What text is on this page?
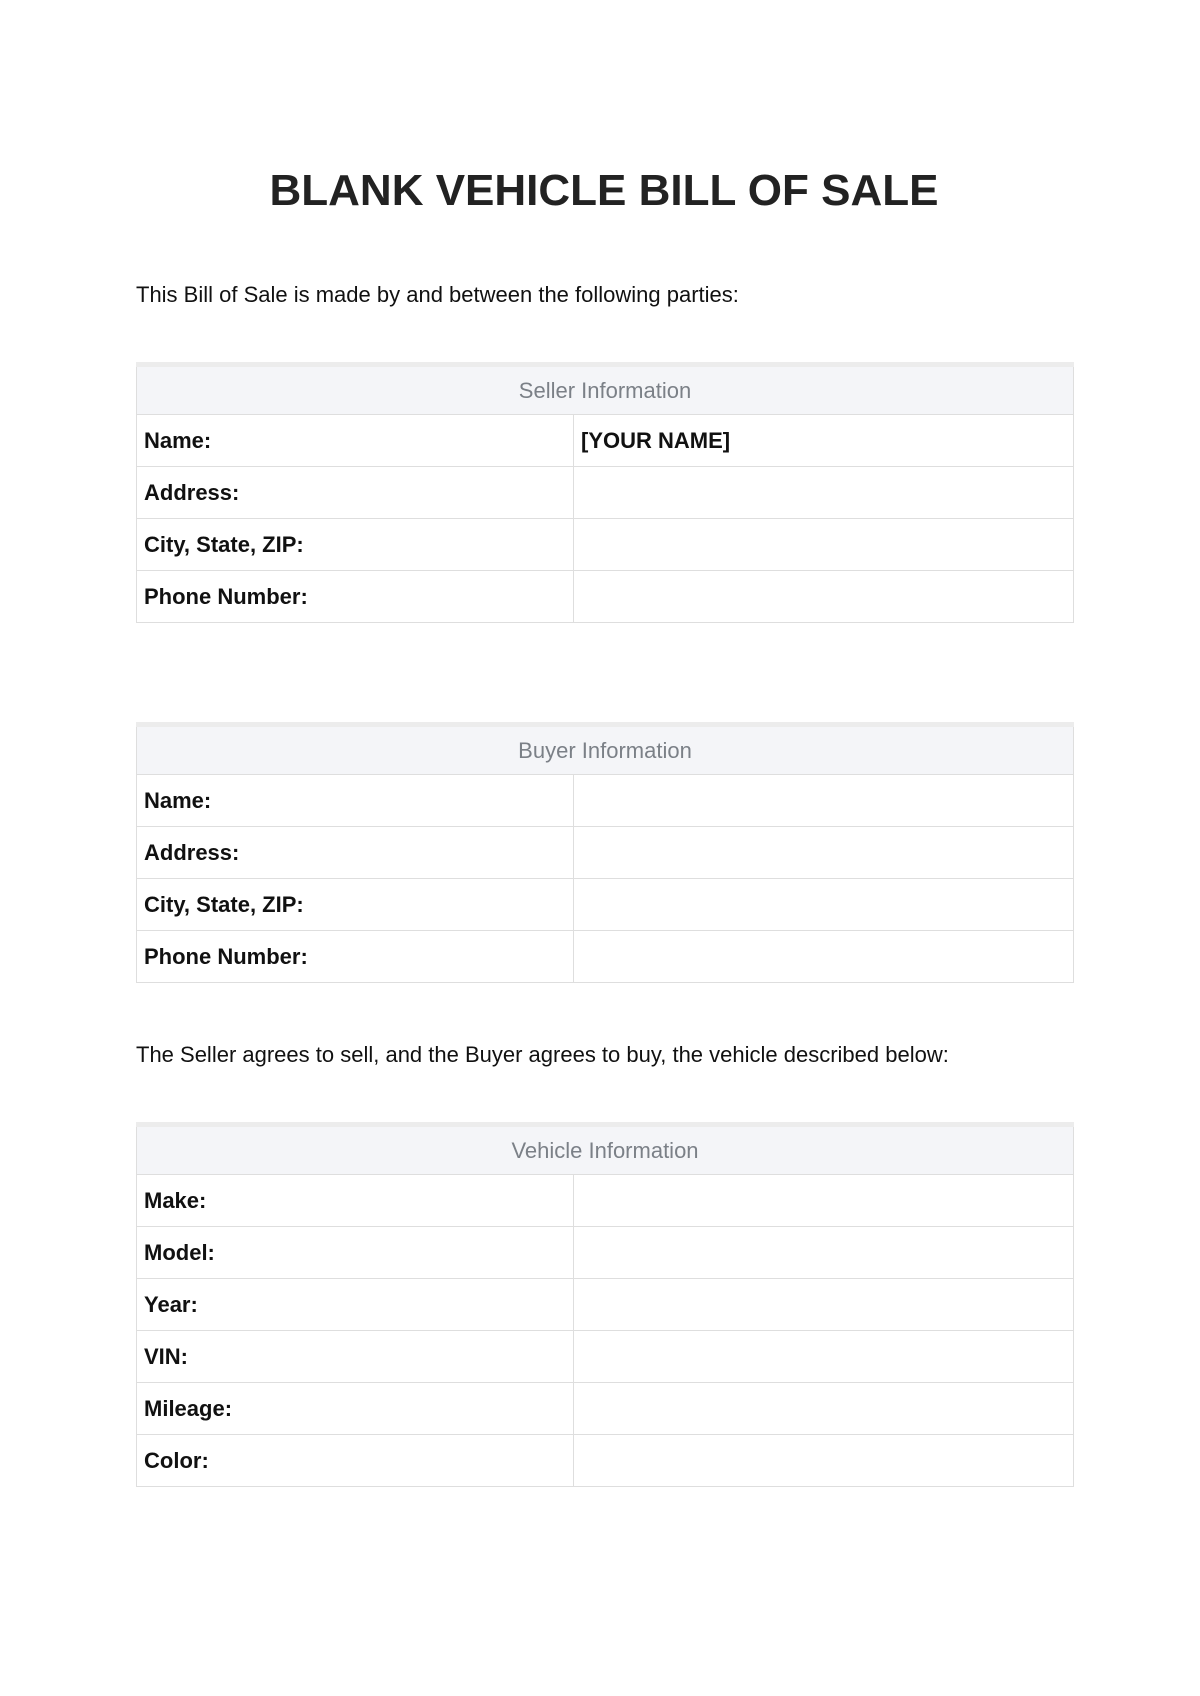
BLANK VEHICLE BILL OF SALE

This Bill of Sale is made by and between the following parties:

Seller Information	
Name:	[YOUR NAME]
Address:	
City, State, ZIP:	
Phone Number:	
Buyer Information	
Name:	
Address:	
City, State, ZIP:	
Phone Number:	

The Seller agrees to sell, and the Buyer agrees to buy, the vehicle described below:

Vehicle Information	
Make:	
Model:	
Year:	
VIN:	
Mileage:	
Color:	
